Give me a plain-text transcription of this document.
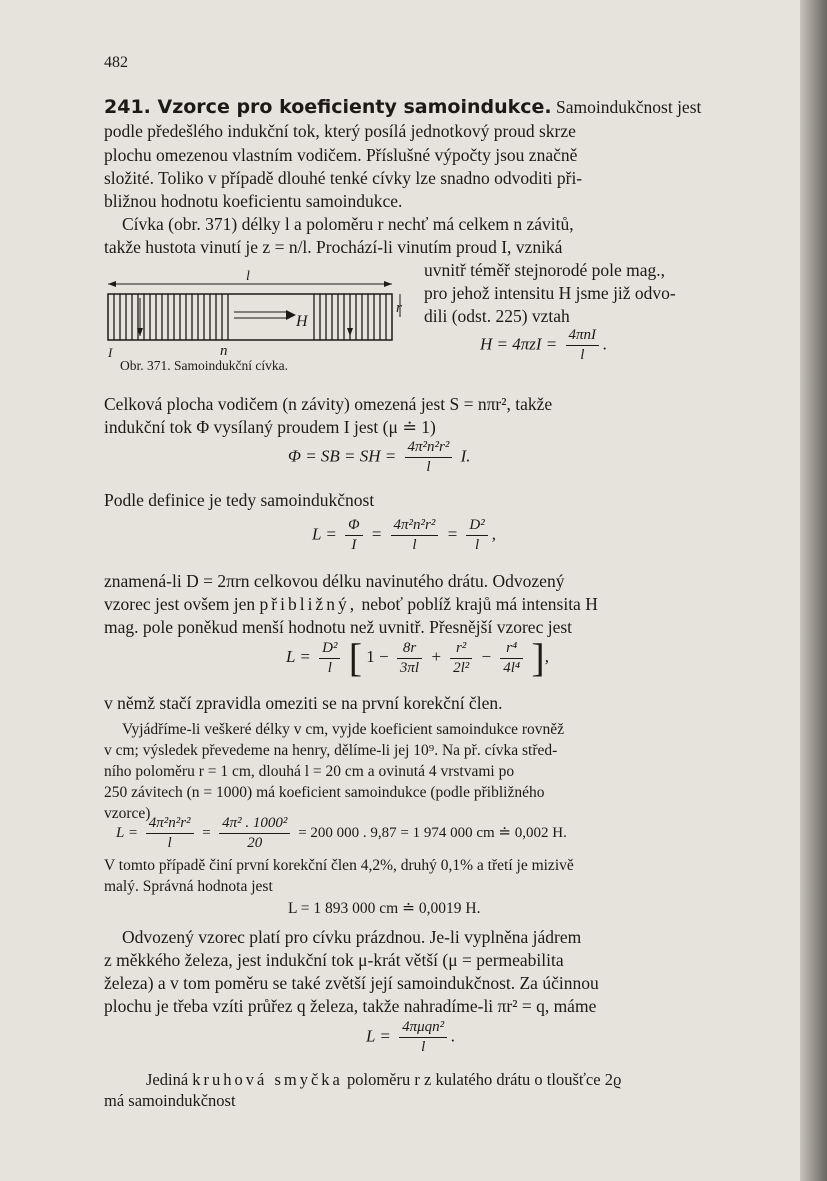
482
241. Vzorce pro koeficienty samoindukce. Samoindukčnost jest
podle předešlého indukční tok, který posílá jednotkový proud skrze
plochu omezenou vlastním vodičem. Příslušné výpočty jsou značně
složité. Toliko v případě dlouhé tenké cívky lze snadno odvoditi při-
bližnou hodnotu koeficientu samoindukce.
Cívka (obr. 371) délky l a poloměru r nechť má celkem n závitů,
takže hustota vinutí je z = n/l. Prochází-li vinutím proud I, vzniká
uvnitř téměř stejnorodé pole mag.,
pro jehož intensitu H jsme již odvo-
dili (odst. 225) vztah
l
H
I	n
r
Obr. 371. Samoindukční cívka.
$H = 4\pi zI = \frac{\text{4πnI}}{l}$ .
Celková plocha vodičem (n závity) omezená jest S = nπr², takže
indukční tok Φ vysílaný proudem I jest (μ ≐ 1)
Φ = SB = SH = $\frac{\text{4π²n²r²}}{l} I$.
Podle definice je tedy samoindukčnost
$L = \frac{\Phi}{I} = \frac{\text{4π²n²r²}}{l} = \frac{\text{D²}}{l}$ ,
znamená-li D = 2πrn celkovou délku navinutého drátu. Odvozený
vzorec jest ovšem jen přibližný, neboť poblíž krajů má intensita H
mag. pole poněkud menší hodnotu než uvnitř. Přesnější vzorec jest
$L = \frac{\text{D²}}{l}$ [ $1 - \frac{8r}{3\pi l} + \frac{\text{r²}}{\text{2l²}} - \frac{\text{r⁴}}{\text{4l⁴}}$ ],
v němž stačí zpravidla omeziti se na první korekční člen.
Vyjádříme-li veškeré délky v cm, vyjde koeficient samoindukce rovněž
v cm; výsledek převedeme na henry, dělíme-li jej 10⁹. Na př. cívka střed-
ního poloměru r = 1 cm, dlouhá l = 20 cm a ovinutá 4 vrstvami po
250 závitech (n = 1000) má koeficient samoindukce (podle přibližného
vzorce)
$L = \frac{\text{4π²n²r²}}{l} = \frac{\text{4π² . 1000²}}{20} = 200$ 000 . 9,87 = 1 974 000 cm ≐ 0,002 H.
V tomto případě činí první korekční člen 4,2%, druhý 0,1% a třetí je mizivě
malý. Správná hodnota jest
L = 1 893 000 cm ≐ 0,0019 H.
Odvozený vzorec platí pro cívku prázdnou. Je-li vyplněna jádrem
z měkkého železa, jest indukční tok μ-krát větší (μ = permeabilita
železa) a v tom poměru se také zvětší její samoindukčnost. Za účinnou
plochu je třeba vzíti průřez q železa, takže nahradíme-li πr² = q, máme
$L = \frac{\text{4πμqn²}}{l}$ .
Jediná kruhová smyčka poloměru r z kulatého drátu o tloušťce 2ϱ
má samoindukčnost
